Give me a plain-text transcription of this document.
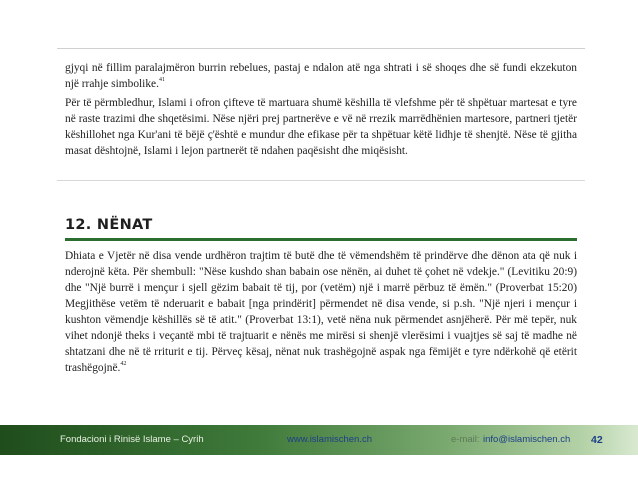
gjyqi në fillim paralajmëron burrin rebelues, pastaj e ndalon atë nga shtrati i së shoqes dhe së fundi ekzekuton një rrahje simbolike.$^{41}$

Për të përmbledhur, Islami i ofron çifteve të martuara shumë këshilla të vlefshme për të shpëtuar martesat e tyre në raste trazimi dhe shqetësimi. Nëse njëri prej partnerëve e vë në rrezik marrëdhënien martesore, partneri tjetër këshillohet nga Kur'ani të bëjë ç'është e mundur dhe efikase për ta shpëtuar këtë lidhje të shenjtë. Nëse të gjitha masat dështojnë, Islami i lejon partnerët të ndahen paqësisht dhe miqësisht.

12. NËNAT

Dhiata e Vjetër në disa vende urdhëron trajtim të butë dhe të vëmendshëm të prindërve dhe dënon ata që nuk i nderojnë këta. Për shembull: "Nëse kushdo shan babain ose nënën, ai duhet të çohet në vdekje." (Levitiku 20:9) dhe "Një burrë i mençur i sjell gëzim babait të tij, por (vetëm) një i marrë përbuz të ëmën." (Proverbat 15:20) Megjithëse vetëm të nderuarit e babait [nga prindërit] përmendet në disa vende, si p.sh. "Një njeri i mençur i kushton vëmendje këshillës së të atit." (Proverbat 13:1), vetë nëna nuk përmendet asnjëherë. Për më tepër, nuk vihet ndonjë theks i veçantë mbi të trajtuarit e nënës me mirësi si shenjë vlerësimi i vuajtjes së saj të madhe në shtatzani dhe në të rriturit e tij. Përveç kësaj, nënat nuk trashëgojnë aspak nga fëmijët e tyre ndërkohë që etërit trashëgojnë.$^{42}$

Fondacioni i Rinisë Islame – Cyrih	www.islamischen.ch	e-mail: info@islamischen.ch 42
